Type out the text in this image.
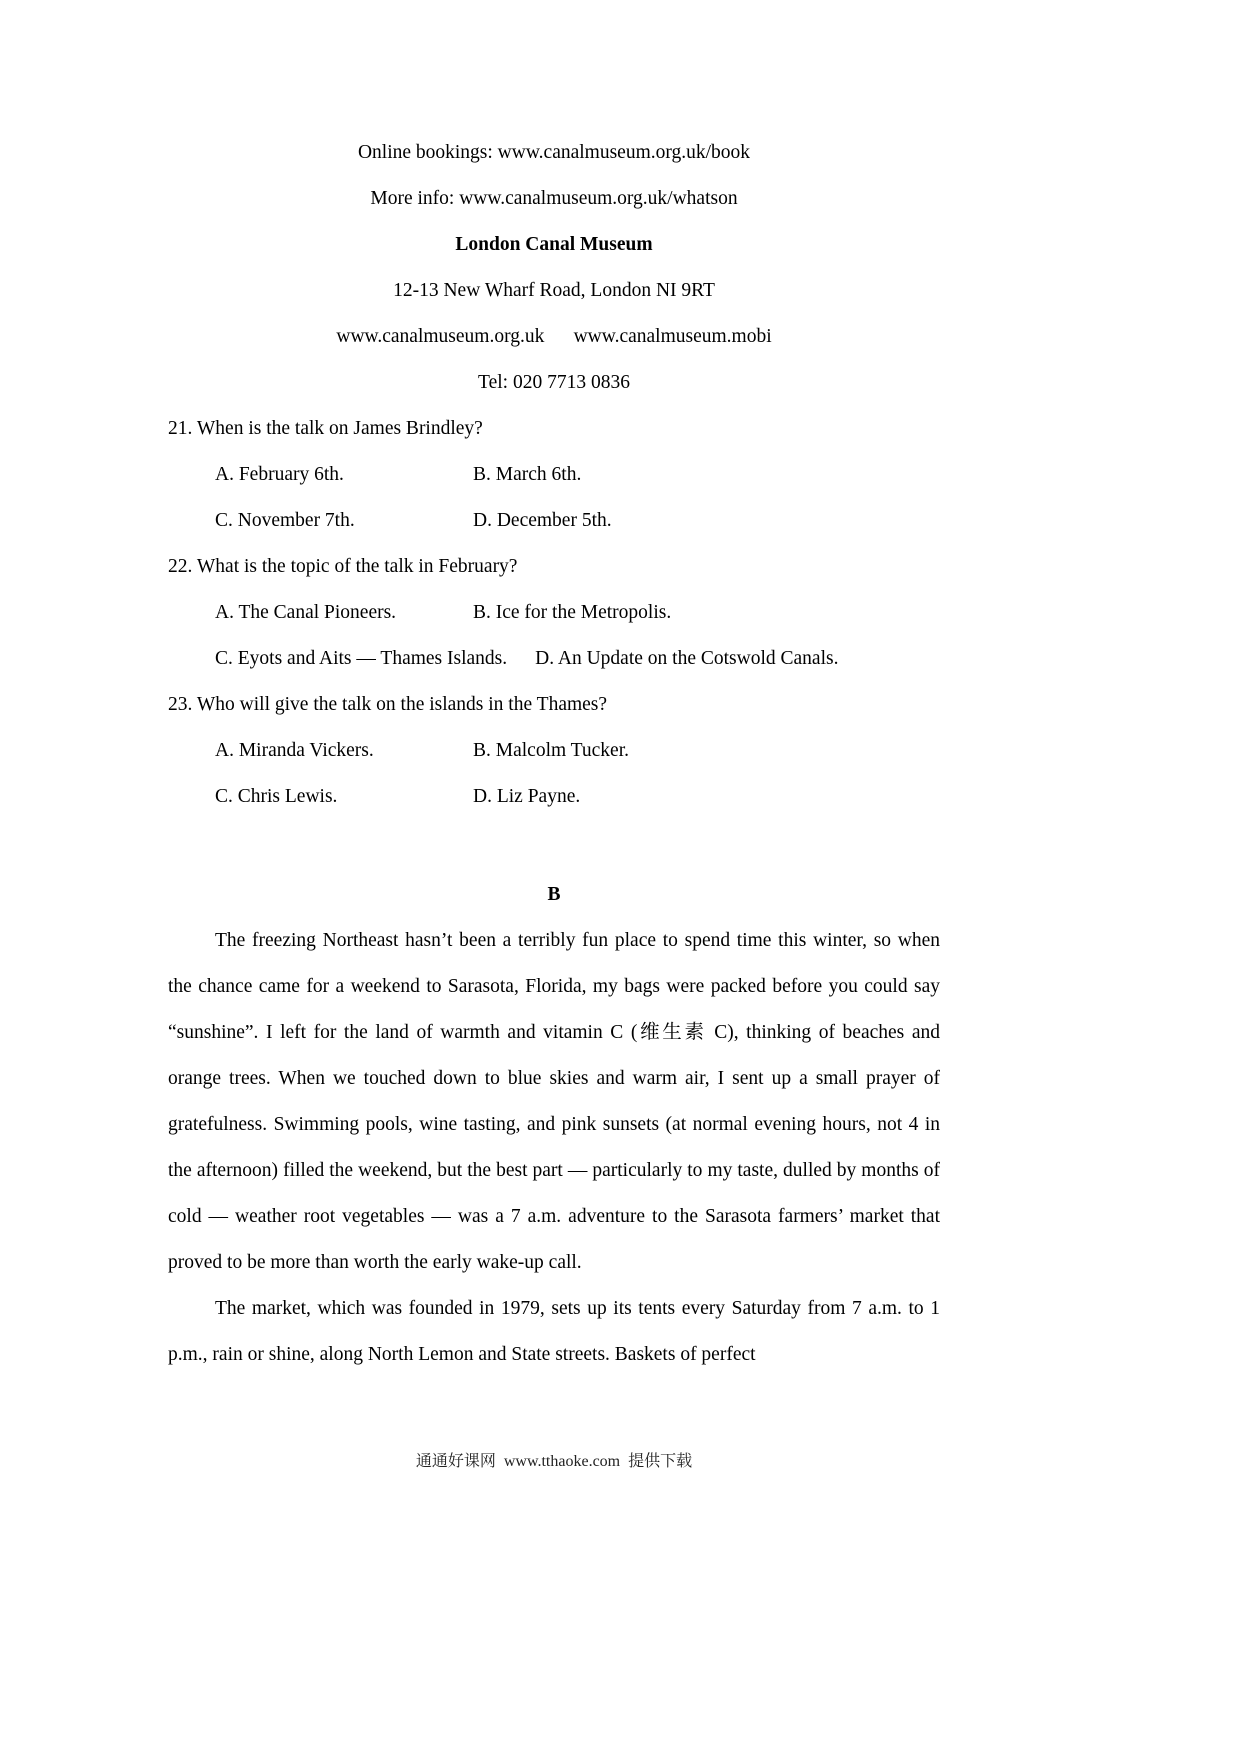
Online bookings: www.canalmuseum.org.uk/book
More info: www.canalmuseum.org.uk/whatson
London Canal Museum
12-13 New Wharf Road, London NI 9RT
www.canalmuseum.org.uk      www.canalmuseum.mobi
Tel: 020 7713 0836
21. When is the talk on James Brindley?
A. February 6th.	B. March 6th.
C. November 7th.	D. December 5th.
22. What is the topic of the talk in February?
A. The Canal Pioneers.	B. Ice for the Metropolis.
C. Eyots and Aits — Thames Islands. D. An Update on the Cotswold Canals.
23. Who will give the talk on the islands in the Thames?
A. Miranda Vickers.	B. Malcolm Tucker.
C. Chris Lewis.	D. Liz Payne.
B
The freezing Northeast hasn’t been a terribly fun place to spend time this winter, so when the chance came for a weekend to Sarasota, Florida, my bags were packed before you could say “sunshine”. I left for the land of warmth and vitamin C (维生素 C), thinking of beaches and orange trees. When we touched down to blue skies and warm air, I sent up a small prayer of gratefulness. Swimming pools, wine tasting, and pink sunsets (at normal evening hours, not 4 in the afternoon) filled the weekend, but the best part — particularly to my taste, dulled by months of cold — weather root vegetables — was a 7 a.m. adventure to the Sarasota farmers’ market that proved to be more than worth the early wake-up call.
The market, which was founded in 1979, sets up its tents every Saturday from 7 a.m. to 1 p.m., rain or shine, along North Lemon and State streets. Baskets of perfect
通通好课网  www.tthaoke.com  提供下载
